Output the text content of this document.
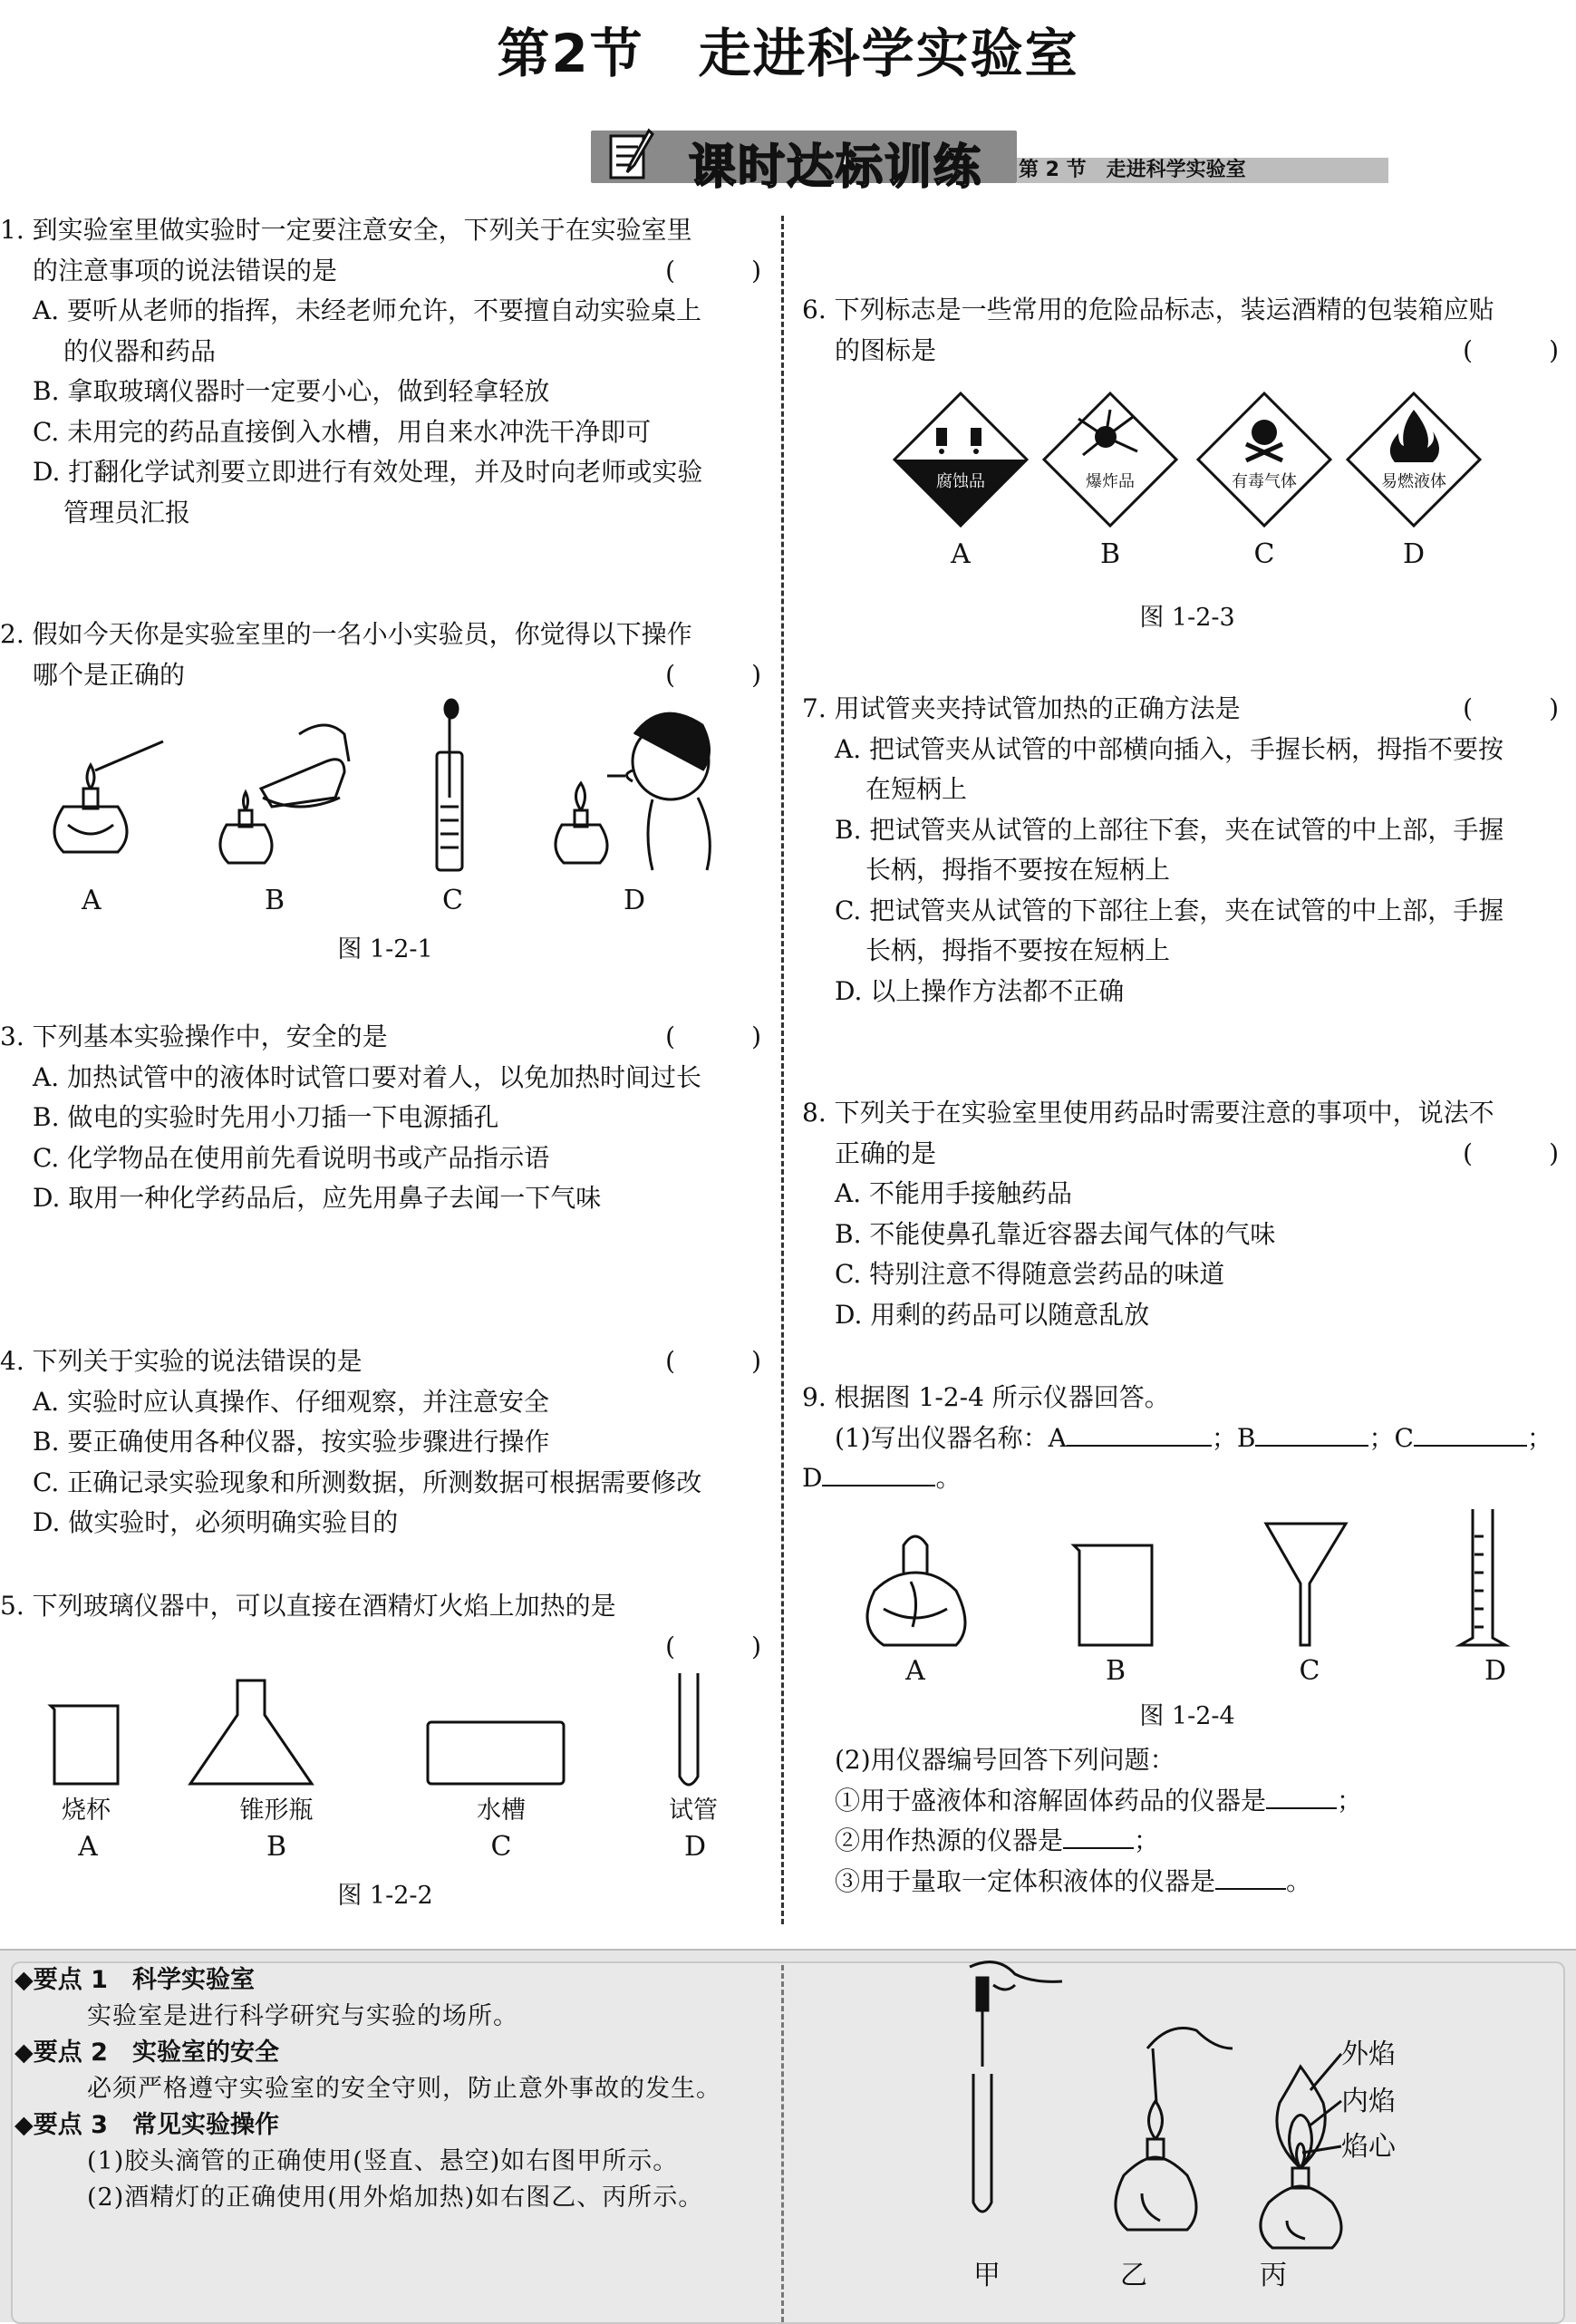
第2节　走进科学实验室
课时达标训练 第 2 节　走进科学实验室
1. 到实验室里做实验时一定要注意安全，下列关于在实验室里
的注意事项的说法错误的是	(　　　)
A. 要听从老师的指挥，未经老师允许，不要擅自动实验桌上
的仪器和药品
B. 拿取玻璃仪器时一定要小心，做到轻拿轻放
C. 未用完的药品直接倒入水槽，用自来水冲洗干净即可
D. 打翻化学试剂要立即进行有效处理，并及时向老师或实验
管理员汇报
2. 假如今天你是实验室里的一名小小实验员，你觉得以下操作
哪个是正确的	(　　　)
A	B	C	D
图 1-2-1
3. 下列基本实验操作中，安全的是	(　　　)
A. 加热试管中的液体时试管口要对着人，以免加热时间过长
B. 做电的实验时先用小刀插一下电源插孔
C. 化学物品在使用前先看说明书或产品指示语
D. 取用一种化学药品后，应先用鼻子去闻一下气味
4. 下列关于实验的说法错误的是	(　　　)
A. 实验时应认真操作、仔细观察，并注意安全
B. 要正确使用各种仪器，按实验步骤进行操作
C. 正确记录实验现象和所测数据，所测数据可根据需要修改
D. 做实验时，必须明确实验目的
5. 下列玻璃仪器中，可以直接在酒精灯火焰上加热的是
(　　　)
烧杯	锥形瓶	水槽	试管
A	B	C	D
图 1-2-2
6. 下列标志是一些常用的危险品标志，装运酒精的包装箱应贴
的图标是	(　　　)
腐蚀品	爆炸品	有毒气体	易燃液体
A	B	C	D
图 1-2-3
7. 用试管夹夹持试管加热的正确方法是	(　　　)
A. 把试管夹从试管的中部横向插入，手握长柄，拇指不要按
在短柄上
B. 把试管夹从试管的上部往下套，夹在试管的中上部，手握
长柄，拇指不要按在短柄上
C. 把试管夹从试管的下部往上套，夹在试管的中上部，手握
长柄，拇指不要按在短柄上
D. 以上操作方法都不正确
8. 下列关于在实验室里使用药品时需要注意的事项中，说法不
正确的是	(　　　)
A. 不能用手接触药品
B. 不能使鼻孔靠近容器去闻气体的气味
C. 特别注意不得随意尝药品的味道
D. 用剩的药品可以随意乱放
9. 根据图 1-2-4 所示仪器回答。
(1)写出仪器名称：A	；B	；C	；
D	。
A	B	C	D
图 1-2-4
(2)用仪器编号回答下列问题：
①用于盛液体和溶解固体药品的仪器是	；
②用作热源的仪器是	；
③用于量取一定体积液体的仪器是	。
◆要点 1　科学实验室
实验室是进行科学研究与实验的场所。
◆要点 2　实验室的安全
必须严格遵守实验室的安全守则，防止意外事故的发生。
◆要点 3　常见实验操作
(1)胶头滴管的正确使用(竖直、悬空)如右图甲所示。
(2)酒精灯的正确使用(用外焰加热)如右图乙、丙所示。
外焰
内焰
焰心
甲	乙	丙
